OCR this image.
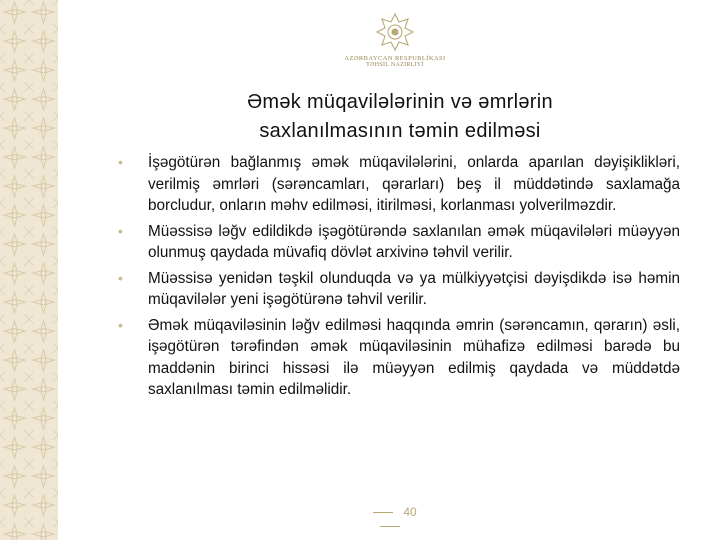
AZƏRBAYCAN RESPUBLİKASI
TƏHSİL NAZİRLİYİ
Əmək müqavilələrinin və əmrlərin
saxlanılmasının təmin edilməsi
• İşəgötürən bağlanmış əmək müqavilələrini, onlarda aparılan dəyişiklikləri, verilmiş əmrləri (sərəncamları, qərarları) beş il müddətində saxlamağa borcludur, onların məhv edilməsi, itirilməsi, korlanması yolverilməzdir.
• Müəssisə ləğv edildikdə işəgötürəndə saxlanılan əmək müqavilələri müəyyən olunmuş qaydada müvafiq dövlət arxivinə təhvil verilir.
• Müəssisə yenidən təşkil olunduqda və ya mülkiyyətçisi dəyişdikdə isə həmin müqavilələr yeni işəgötürənə təhvil verilir.
• Əmək müqaviləsinin ləğv edilməsi haqqında əmrin (sərəncamın, qərarın) əsli, işəgötürən tərəfindən əmək müqaviləsinin mühafizə edilməsi barədə bu maddənin birinci hissəsi ilə müəyyən edilmiş qaydada və müddətdə saxlanılması təmin edilməlidir.
40
